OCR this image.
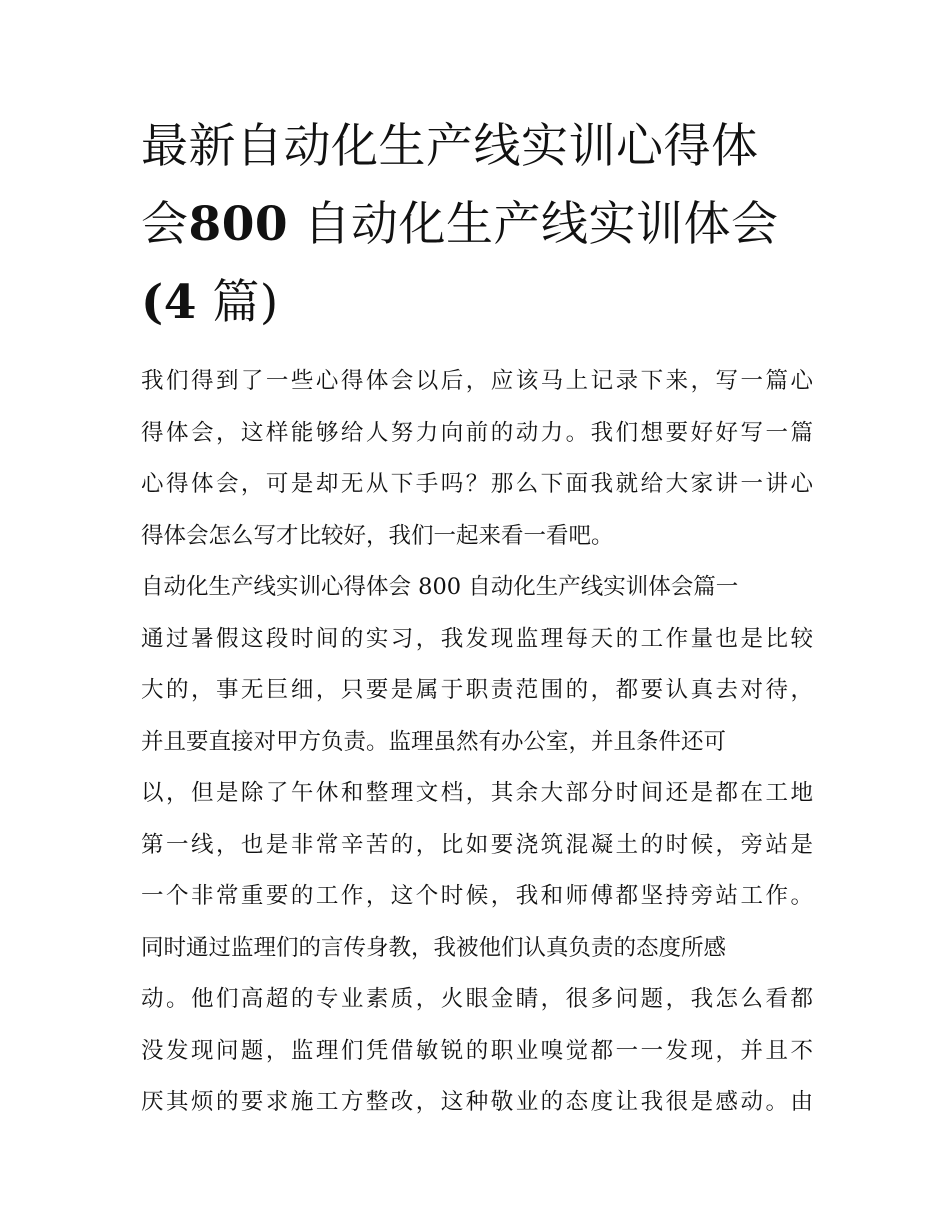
最新自动化生产线实训心得体
会800 自动化生产线实训体会
(4 篇)
我们得到了一些心得体会以后，应该马上记录下来，写一篇心
得体会，这样能够给人努力向前的动力。我们想要好好写一篇
心得体会，可是却无从下手吗？那么下面我就给大家讲一讲心
得体会怎么写才比较好，我们一起来看一看吧。
自动化生产线实训心得体会 800 自动化生产线实训体会篇一
通过暑假这段时间的实习，我发现监理每天的工作量也是比较
大的，事无巨细，只要是属于职责范围的，都要认真去对待，
并且要直接对甲方负责。监理虽然有办公室，并且条件还可
以，但是除了午休和整理文档，其余大部分时间还是都在工地
第一线，也是非常辛苦的，比如要浇筑混凝土的时候，旁站是
一个非常重要的工作，这个时候，我和师傅都坚持旁站工作。
同时通过监理们的言传身教，我被他们认真负责的态度所感
动。他们高超的专业素质，火眼金睛，很多问题，我怎么看都
没发现问题，监理们凭借敏锐的职业嗅觉都一一发现，并且不
厌其烦的要求施工方整改，这种敬业的态度让我很是感动。由
